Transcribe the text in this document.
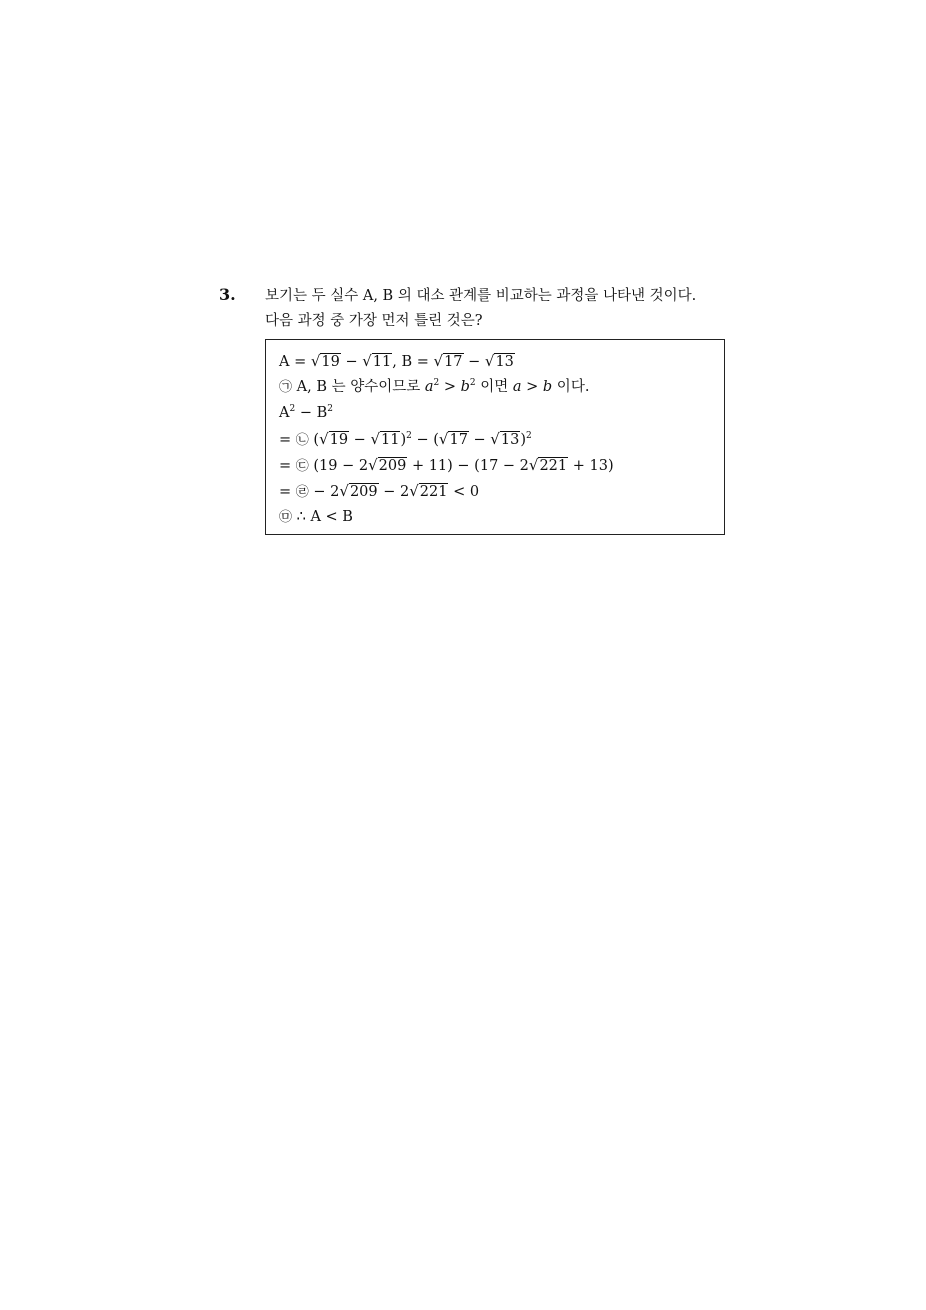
3. 보기는 두 실수 A, B 의 대소 관계를 비교하는 과정을 나타낸 것이다.
다음 과정 중 가장 먼저 틀린 것은?
A = √19 − √11, B = √17 − √13
㉠ A, B 는 양수이므로 $a^2 > b^2$ 이면 a > b 이다.
$A^2 - B^2$
= ㉡ $(√19 - √11)^2 - (√17 - √13)^2$
= ㉢ (19 − 2√209 + 11) − (17 − 2√221 + 13)
= ㉣ − 2√209 − 2√221 < 0
㉤ ∴ A < B
